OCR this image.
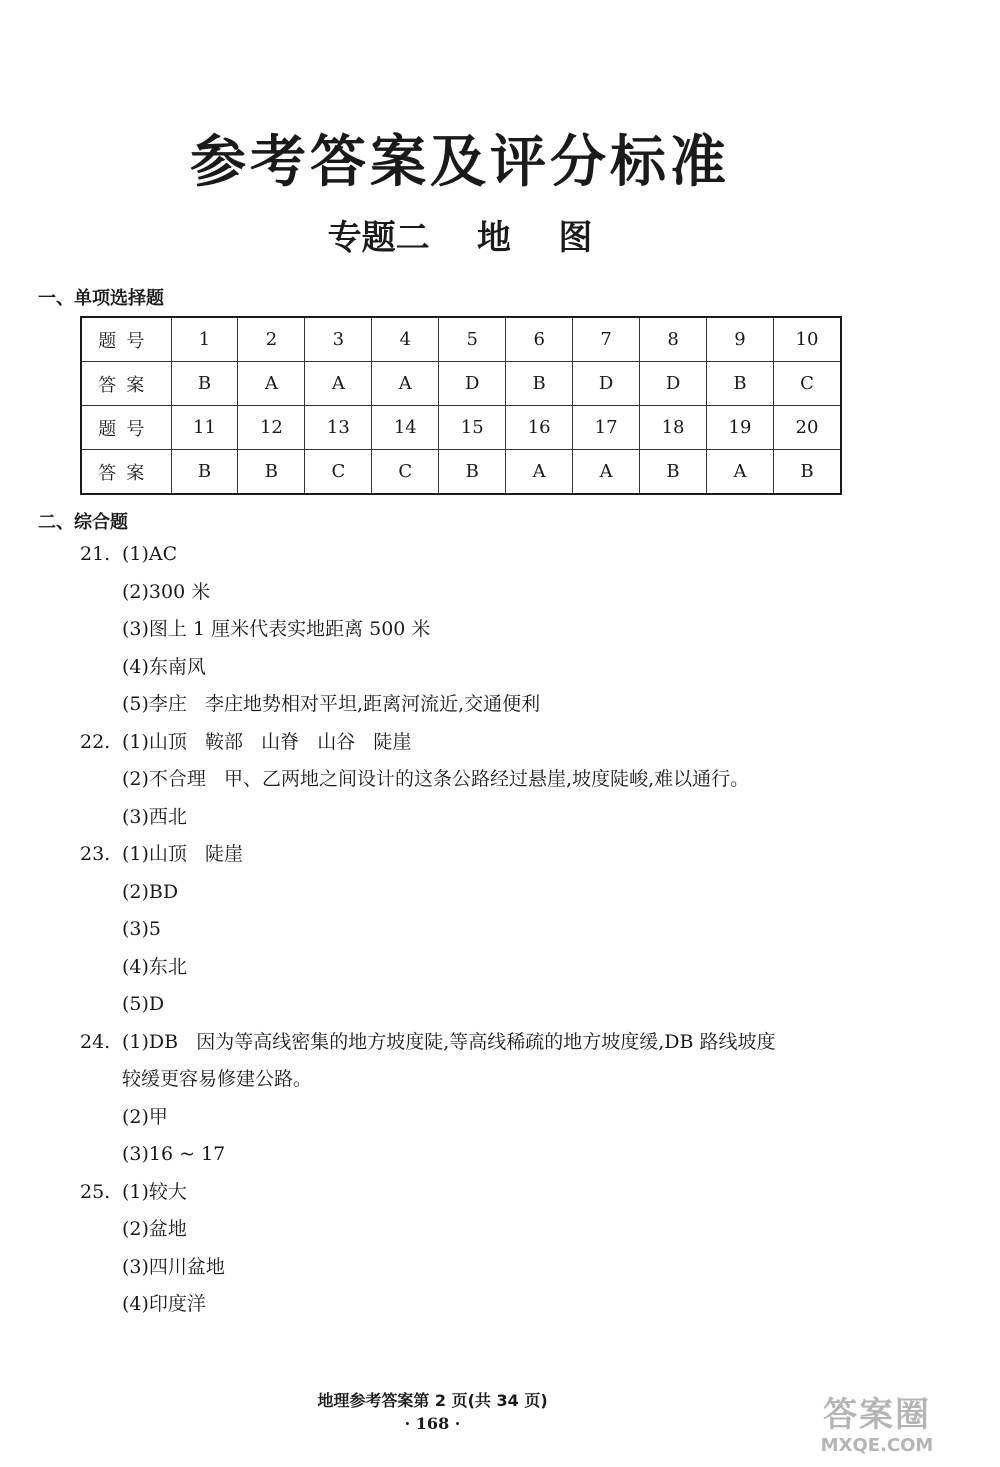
参考答案及评分标准
专题二    地    图
一、单项选择题
题号	1	2	3	4	5	6	7	8	9	10
答案	B	A	A	A	D	B	D	D	B	C
题号	11	12	13	14	15	16	17	18	19	20
答案	B	B	C	C	B	A	A	B	A	B
二、综合题
21. (1)AC
(2)300 米
(3)图上 1 厘米代表实地距离 500 米
(4)东南风
(5)李庄   李庄地势相对平坦,距离河流近,交通便利
22. (1)山顶   鞍部   山脊   山谷   陡崖
(2)不合理   甲、乙两地之间设计的这条公路经过悬崖,坡度陡峻,难以通行。
(3)西北
23. (1)山顶   陡崖
(2)BD
(3)5
(4)东北
(5)D
24. (1)DB   因为等高线密集的地方坡度陡,等高线稀疏的地方坡度缓,DB 路线坡度
较缓更容易修建公路。
(2)甲
(3)16 ~ 17
25. (1)较大
(2)盆地
(3)四川盆地
(4)印度洋
地理参考答案第 2 页(共 34 页)
· 168 ·	答案圈
MXQE.COM
